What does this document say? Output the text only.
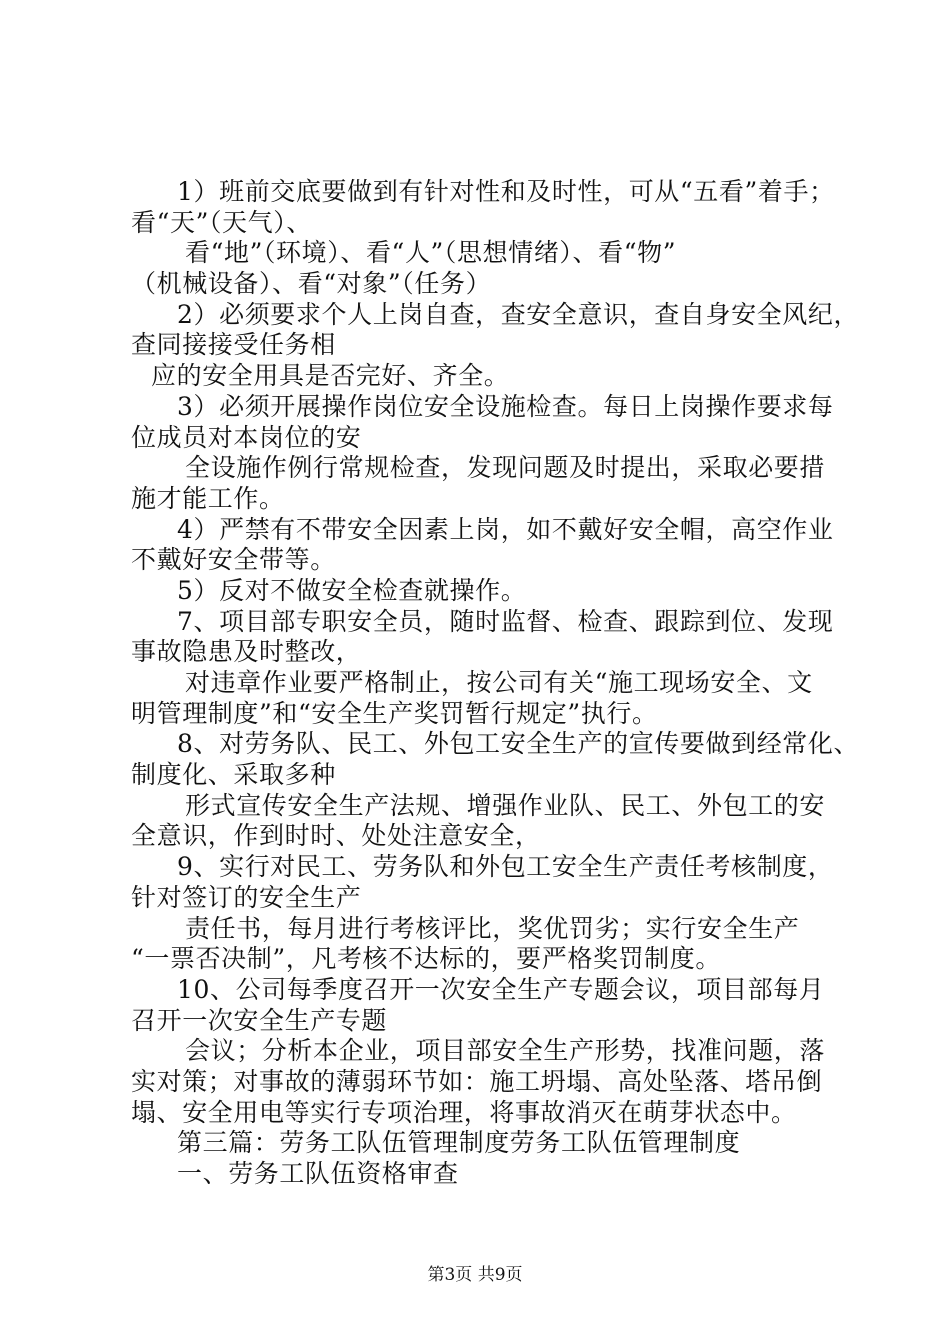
1）班前交底要做到有针对性和及时性，可从“五看”着手；
看“天”（天气）、
看“地”（环境）、看“人”（思想情绪）、看“物”
（机械设备）、看“对象”（任务）
2）必须要求个人上岗自查，查安全意识，查自身安全风纪，
查同接接受任务相
应的安全用具是否完好、齐全。
3）必须开展操作岗位安全设施检查。每日上岗操作要求每
位成员对本岗位的安
全设施作例行常规检查，发现问题及时提出，采取必要措
施才能工作。
4）严禁有不带安全因素上岗，如不戴好安全帽，高空作业
不戴好安全带等。
5）反对不做安全检查就操作。
7、项目部专职安全员，随时监督、检查、跟踪到位、发现
事故隐患及时整改，
对违章作业要严格制止，按公司有关“施工现场安全、文
明管理制度”和“安全生产奖罚暂行规定”执行。
8、对劳务队、民工、外包工安全生产的宣传要做到经常化、
制度化、采取多种
形式宣传安全生产法规、增强作业队、民工、外包工的安
全意识，作到时时、处处注意安全，
9、实行对民工、劳务队和外包工安全生产责任考核制度，
针对签订的安全生产
责任书，每月进行考核评比，奖优罚劣；实行安全生产
“一票否决制”，凡考核不达标的，要严格奖罚制度。
10、公司每季度召开一次安全生产专题会议，项目部每月
召开一次安全生产专题
会议；分析本企业，项目部安全生产形势，找准问题，落
实对策；对事故的薄弱环节如：施工坍塌、高处坠落、塔吊倒
塌、安全用电等实行专项治理，将事故消灭在萌芽状态中。
第三篇：劳务工队伍管理制度劳务工队伍管理制度
一、劳务工队伍资格审查
第3页 共9页
